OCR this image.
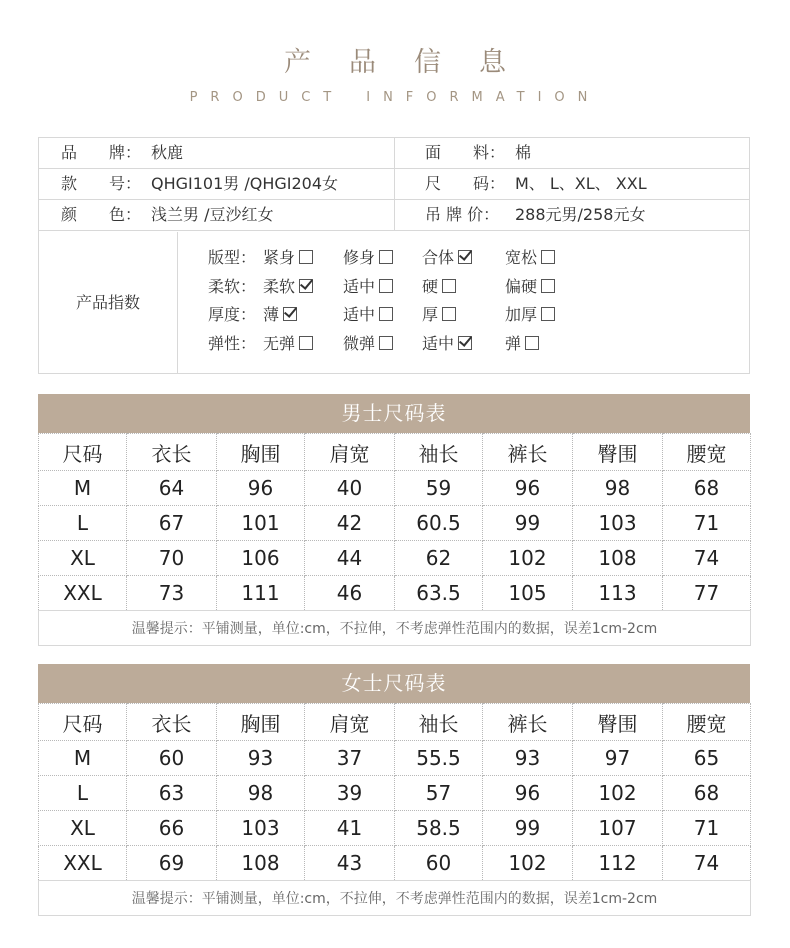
产品信息
PRODUCT INFORMATION
品　　牌： 秋鹿	面　　料： 棉
款　　号： QHGI101男 /QHGI204女	尺　　码： M、 L、XL、 XXL
颜　　色： 浅兰男 /豆沙红女	吊 牌 价： 288元男/258元女
产品指数
版型： 紧身	修身	合体	宽松
柔软： 柔软	适中	硬	偏硬
厚度： 薄	适中	厚	加厚
弹性： 无弹	微弹	适中	弹
男士尺码表
尺码	衣长	胸围	肩宽	袖长	裤长	臀围	腰宽
M	64	96	40	59	96	98	68
L	67	101	42	60.5	99	103	71
XL	70	106	44	62	102	108	74
XXL	73	111	46	63.5	105	113	77
温馨提示：平铺测量，单位:cm，不拉伸，不考虑弹性范围内的数据，误差1cm-2cm							
女士尺码表
尺码	衣长	胸围	肩宽	袖长	裤长	臀围	腰宽
M	60	93	37	55.5	93	97	65
L	63	98	39	57	96	102	68
XL	66	103	41	58.5	99	107	71
XXL	69	108	43	60	102	112	74
温馨提示：平铺测量，单位:cm，不拉伸，不考虑弹性范围内的数据，误差1cm-2cm							
